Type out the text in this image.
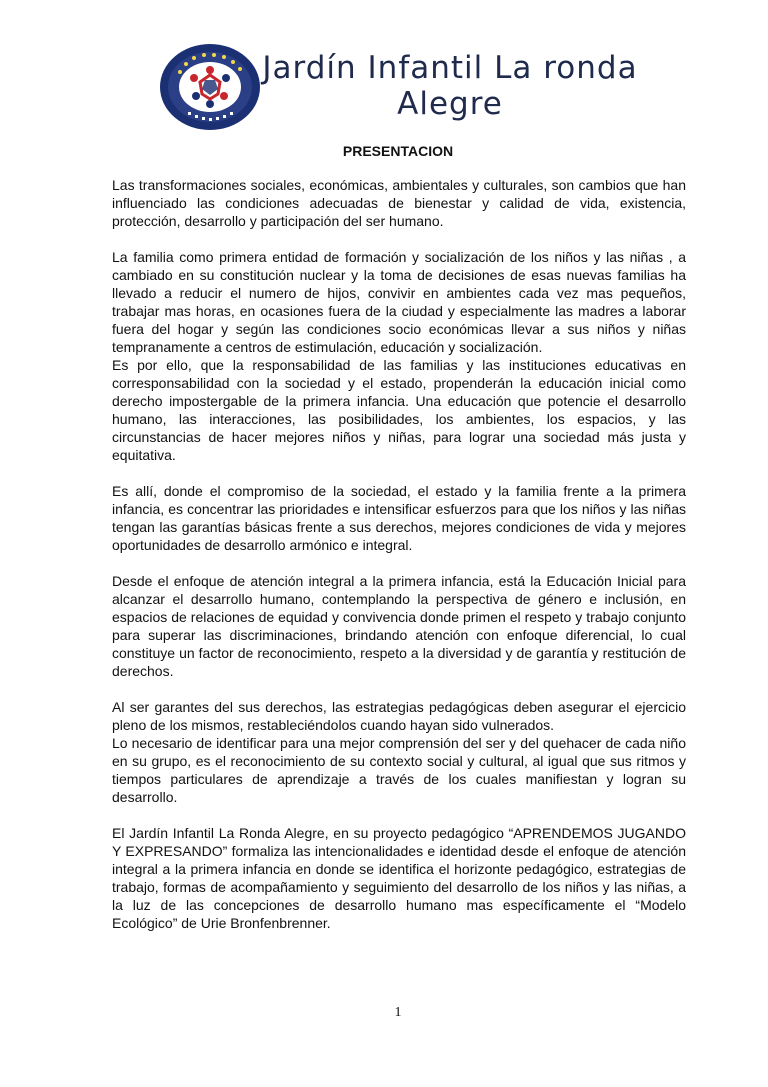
Jardín Infantil La ronda Alegre
PRESENTACION

Las transformaciones sociales, económicas, ambientales y culturales, son cambios que han influenciado las condiciones adecuadas de bienestar y calidad de vida, existencia, protección, desarrollo y participación del ser humano.

La familia como primera entidad de formación y socialización de los niños y las niñas , a cambiado en su constitución nuclear y la toma de decisiones de esas nuevas familias ha llevado a reducir el numero de hijos, convivir en ambientes cada vez mas pequeños, trabajar mas horas, en ocasiones fuera de la ciudad y especialmente las madres a laborar fuera del hogar y según las condiciones socio económicas llevar a sus niños y niñas tempranamente a centros de estimulación, educación y socialización.

Es por ello, que la responsabilidad de las familias y las instituciones educativas en corresponsabilidad con la sociedad y el estado, propenderán la educación inicial como derecho impostergable de la primera infancia. Una educación que potencie el desarrollo humano, las interacciones, las posibilidades, los ambientes, los espacios, y las circunstancias de hacer mejores niños y niñas, para lograr una sociedad más justa y equitativa.

Es allí, donde el compromiso de la sociedad, el estado y la familia frente a la primera infancia, es concentrar las prioridades e intensificar esfuerzos para que los niños y las niñas tengan las garantías básicas frente a sus derechos, mejores condiciones de vida y mejores oportunidades de desarrollo armónico e integral.

Desde el enfoque de atención integral a la primera infancia, está la Educación Inicial para alcanzar el desarrollo humano, contemplando la perspectiva de género e inclusión, en espacios de relaciones de equidad y convivencia donde primen el respeto y trabajo conjunto para superar las discriminaciones, brindando atención con enfoque diferencial, lo cual constituye un factor de reconocimiento, respeto a la diversidad y de garantía y restitución de derechos.

Al ser garantes del sus derechos, las estrategias pedagógicas deben asegurar el ejercicio pleno de los mismos, restableciéndolos cuando hayan sido vulnerados.

Lo necesario de identificar para una mejor comprensión del ser y del quehacer de cada niño en su grupo, es el reconocimiento de su contexto social y cultural, al igual que sus ritmos y tiempos particulares de aprendizaje a través de los cuales manifiestan y logran su desarrollo.

El Jardín Infantil La Ronda Alegre, en su proyecto pedagógico “APRENDEMOS JUGANDO Y EXPRESANDO” formaliza las intencionalidades e identidad desde el enfoque de atención integral a la primera infancia en donde se identifica el horizonte pedagógico, estrategias de trabajo, formas de acompañamiento y seguimiento del desarrollo de los niños y las niñas, a la luz de las concepciones de desarrollo humano mas específicamente el “Modelo Ecológico” de Urie Bronfenbrenner.

1
